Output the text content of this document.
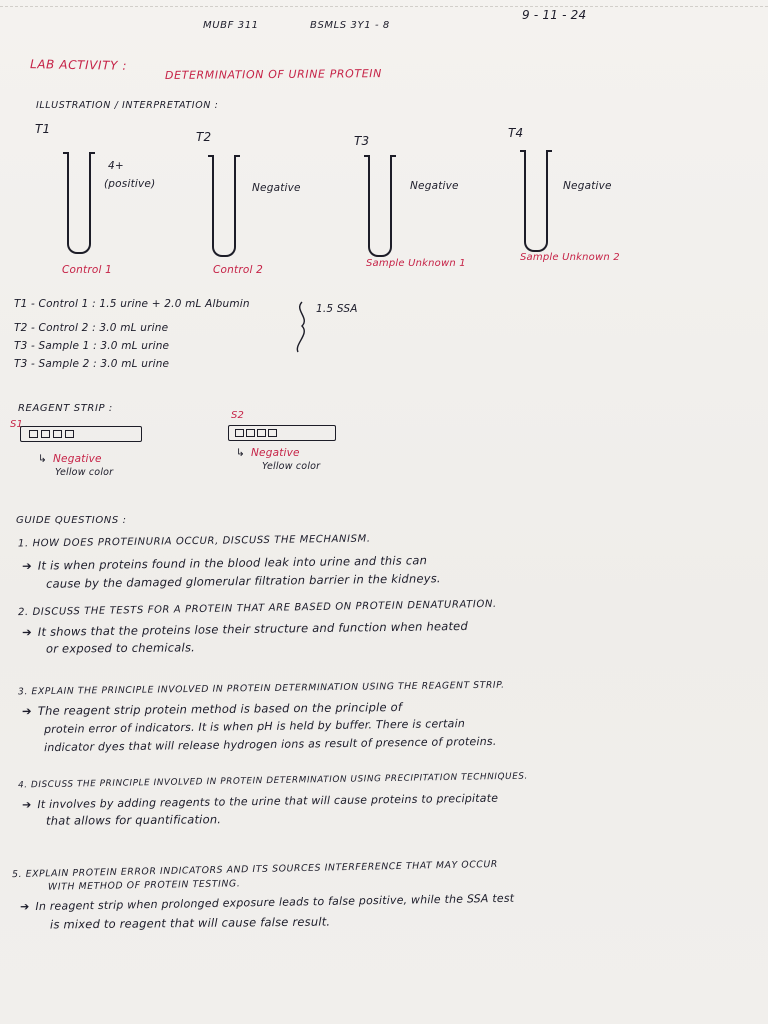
MUBF 311	BSMLS 3Y1 - 8
9 - 11 - 24
LAB ACTIVITY :
DETERMINATION OF URINE PROTEIN
ILLUSTRATION / INTERPRETATION :
T1
4+
(positive)
Control 1
T2
Negative
Control 2
T3
Negative
Sample Unknown 1
T4
Negative
Sample Unknown 2
T1 - Control 1 : 1.5 urine + 2.0 mL Albumin
T2 - Control 2 : 3.0 mL urine
T3 - Sample 1 : 3.0 mL urine
T3 - Sample 2 : 3.0 mL urine
1.5 SSA
REAGENT STRIP :
S1
↳ Negative
Yellow color
S2
↳ Negative
Yellow color
GUIDE QUESTIONS :
1. HOW DOES PROTEINURIA OCCUR, DISCUSS THE MECHANISM.
➔ It is when proteins found in the blood leak into urine and this can
cause by the damaged glomerular filtration barrier in the kidneys.
2. DISCUSS THE TESTS FOR A PROTEIN THAT ARE BASED ON PROTEIN DENATURATION.
➔ It shows that the proteins lose their structure and function when heated
or exposed to chemicals.
3. EXPLAIN THE PRINCIPLE INVOLVED IN PROTEIN DETERMINATION USING THE REAGENT STRIP.
➔ The reagent strip protein method is based on the principle of
protein error of indicators. It is when pH is held by buffer. There is certain
indicator dyes that will release hydrogen ions as result of presence of proteins.
4. DISCUSS THE PRINCIPLE INVOLVED IN PROTEIN DETERMINATION USING PRECIPITATION TECHNIQUES.
➔ It involves by adding reagents to the urine that will cause proteins to precipitate
that allows for quantification.
5. EXPLAIN PROTEIN ERROR INDICATORS AND ITS SOURCES INTERFERENCE THAT MAY OCCUR
WITH METHOD OF PROTEIN TESTING.
➔ In reagent strip when prolonged exposure leads to false positive, while the SSA test
is mixed to reagent that will cause false result.
